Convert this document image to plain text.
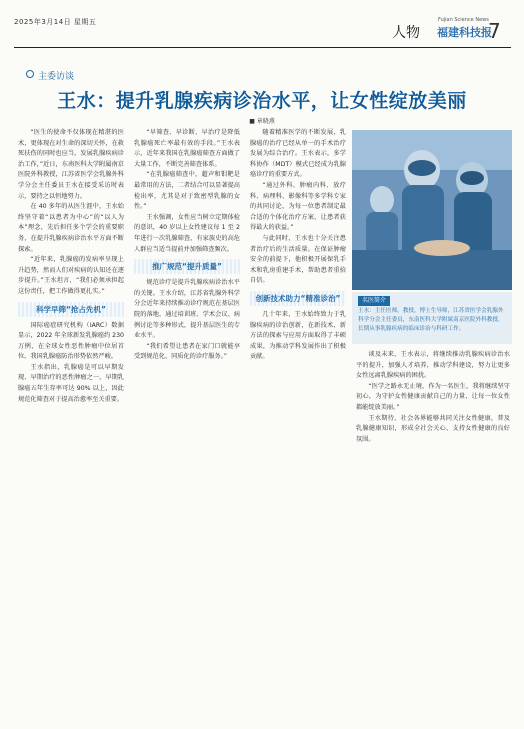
2025年3月14日 星期五
人物
Fujian Science News
福建科技报
7
主委访谈
王水：提升乳腺疾病诊治水平，让女性绽放美丽
■ 章晓燕

“医生的使命不仅体现在精湛的医术，更体现在对生命的深切关怀，在救死扶伤的同时也应当，发展乳腺疾病诊治工作，”近日，东南医科大学附属南京医院外科教授，江苏省医学会乳腺外科学分会主任委员王水在接受采访时表示，要持之以恒地努力。

在 40 多年的从医生涯中，王水始终坚守着“以患者为中心”的“以人为本”理念，先后担任多个学会的重要职务，在提升乳腺疾病诊治水平方面不断探索。

“近年来，乳腺癌的发病率呈现上升趋势，然而人们对疾病的认知还在逐步提升。”王水坦言，“我们必须承担起这份责任，把工作做得更扎实。”

科学早筛“抢占先机”

国际癌症研究机构（IARC）数据显示，2022 年全球新发乳腺癌约 230 万例，在全球女性恶性肿瘤中位居首位。我国乳腺癌防治形势依然严峻。

王水指出，乳腺癌是可以早期发现、早期治疗的恶性肿瘤之一，早期乳腺癌五年生存率可达 90% 以上，因此规范化筛查对于提高治愈率至关重要。

“早筛查、早诊断、早治疗是降低乳腺癌死亡率最有效的手段。”王水表示，近年来我国在乳腺癌筛查方面做了大量工作，不断完善筛查体系。

“在乳腺癌筛查中，超声和钼靶是最常用的方法，二者结合可以显著提高检出率，尤其是对于致密型乳腺的女性。”

王水强调，女性应当树立定期体检的意识，40 岁以上女性建议每 1 至 2 年进行一次乳腺筛查，有家族史的高危人群应当适当提前并加强筛查频次。

推广规范“提升质量”

规范诊疗是提升乳腺疾病诊治水平的关键。王水介绍，江苏省乳腺外科学分会近年来持续推动诊疗规范在基层医院的落地，通过培训班、学术会议、病例讨论等多种形式，提升基层医生的专业水平。

“我们希望让患者在家门口就能享受到规范化、同质化的诊疗服务。”

随着精准医学的不断发展，乳腺癌的治疗已经从单一的手术治疗发展为综合治疗。王水表示，多学科协作（MDT）模式已经成为乳腺癌诊疗的重要方式。

“通过外科、肿瘤内科、放疗科、病理科、影像科等多学科专家的共同讨论，为每一位患者制定最合适的个体化治疗方案，让患者获得最大的获益。”

与此同时，王水也十分关注患者治疗后的生活质量。在保证肿瘤安全的前提下，他积极开展保乳手术和乳房重建手术，帮助患者重拾自信。

创新技术助力“精准诊治”

几十年来，王水始终致力于乳腺疾病的诊治创新，在新技术、新方法的探索与应用方面取得了丰硕成果，为推动学科发展作出了积极贡献。

名医简介
王水：主任医师，教授，博士生导师，江苏省医学会乳腺外科学分会主任委员，东南医科大学附属南京医院外科教授，长期从事乳腺疾病的临床诊治与科研工作。

谈及未来，王水表示，将继续推动乳腺疾病诊治水平的提升，加强人才培养，推动学科建设，努力让更多女性远离乳腺疾病的困扰。

“医学之路永无止境，作为一名医生，我将继续坚守初心，为守护女性健康贡献自己的力量，让每一位女性都能绽放美丽。”

王水期待，社会各界能够共同关注女性健康，普及乳腺健康知识，形成全社会关心、支持女性健康的良好氛围。
